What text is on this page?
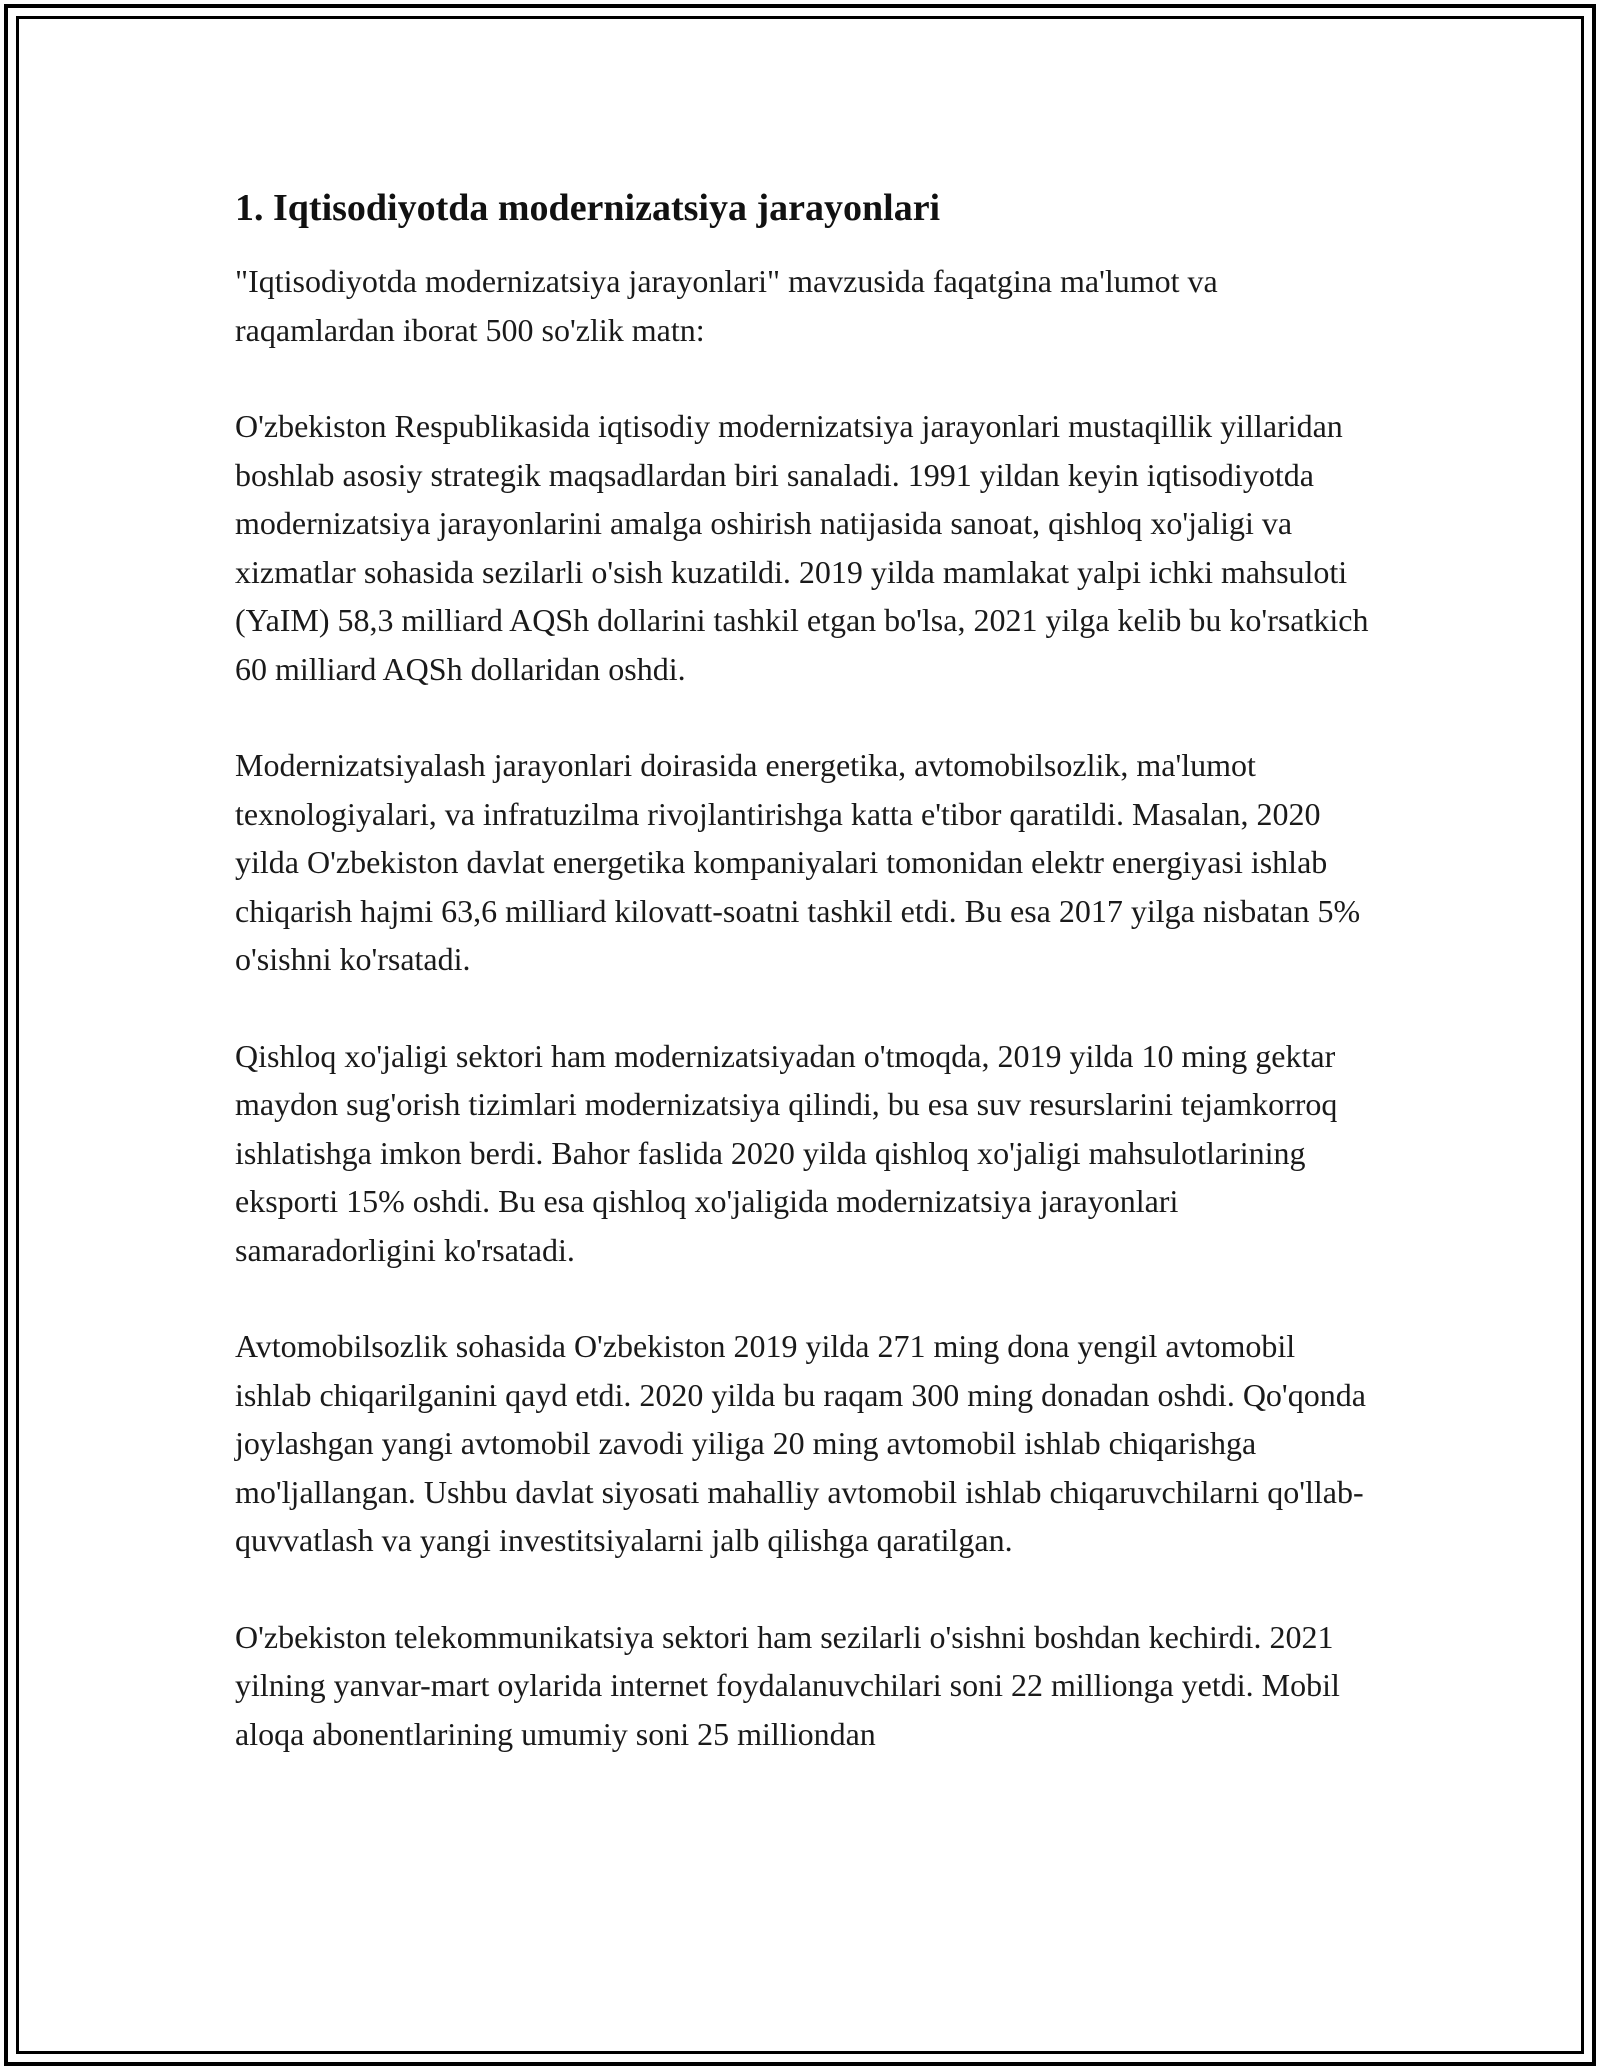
1. Iqtisodiyotda modernizatsiya jarayonlari

"Iqtisodiyotda modernizatsiya jarayonlari" mavzusida faqatgina ma'lumot va raqamlardan iborat 500 so'zlik matn:

O'zbekiston Respublikasida iqtisodiy modernizatsiya jarayonlari mustaqillik yillaridan boshlab asosiy strategik maqsadlardan biri sanaladi. 1991 yildan keyin iqtisodiyotda modernizatsiya jarayonlarini amalga oshirish natijasida sanoat, qishloq xo'jaligi va xizmatlar sohasida sezilarli o'sish kuzatildi. 2019 yilda mamlakat yalpi ichki mahsuloti (YaIM) 58,3 milliard AQSh dollarini tashkil etgan bo'lsa, 2021 yilga kelib bu ko'rsatkich 60 milliard AQSh dollaridan oshdi.

Modernizatsiyalash jarayonlari doirasida energetika, avtomobilsozlik, ma'lumot texnologiyalari, va infratuzilma rivojlantirishga katta e'tibor qaratildi. Masalan, 2020 yilda O'zbekiston davlat energetika kompaniyalari tomonidan elektr energiyasi ishlab chiqarish hajmi 63,6 milliard kilovatt-soatni tashkil etdi. Bu esa 2017 yilga nisbatan 5% o'sishni ko'rsatadi.

Qishloq xo'jaligi sektori ham modernizatsiyadan o'tmoqda, 2019 yilda 10 ming gektar maydon sug'orish tizimlari modernizatsiya qilindi, bu esa suv resurslarini tejamkorroq ishlatishga imkon berdi. Bahor faslida 2020 yilda qishloq xo'jaligi mahsulotlarining eksporti 15% oshdi. Bu esa qishloq xo'jaligida modernizatsiya jarayonlari samaradorligini ko'rsatadi.

Avtomobilsozlik sohasida O'zbekiston 2019 yilda 271 ming dona yengil avtomobil ishlab chiqarilganini qayd etdi. 2020 yilda bu raqam 300 ming donadan oshdi. Qo'qonda joylashgan yangi avtomobil zavodi yiliga 20 ming avtomobil ishlab chiqarishga mo'ljallangan. Ushbu davlat siyosati mahalliy avtomobil ishlab chiqaruvchilarni qo'llab-quvvatlash va yangi investitsiyalarni jalb qilishga qaratilgan.

O'zbekiston telekommunikatsiya sektori ham sezilarli o'sishni boshdan kechirdi. 2021 yilning yanvar-mart oylarida internet foydalanuvchilari soni 22 millionga yetdi. Mobil aloqa abonentlarining umumiy soni 25 milliondan
